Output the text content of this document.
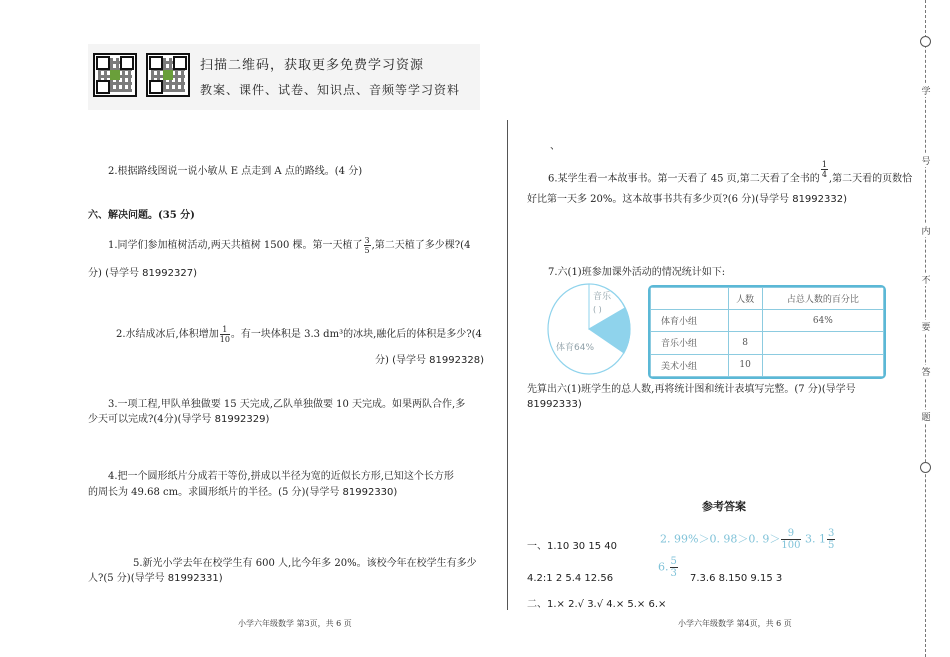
扫描二维码，获取更多免费学习资源
教案、课件、试卷、知识点、音频等学习资料
2.根据路线图说一说小敏从 E 点走到 A 点的路线。(4 分)
六、解决问题。(35 分)
1.同学们参加植树活动,两天共植树 1500 棵。第一天植了 $\frac{3}{5}$ ,第二天植了多少棵?(4
分) (导学号 81992327)
2.水结成冰后,体积增加 $\frac{1}{10}$ 。有一块体积是 3.3 dm³的冰块,融化后的体积是多少?(4
分) (导学号 81992328)
3.一项工程,甲队单独做要 15 天完成,乙队单独做要 10 天完成。如果两队合作,多
少天可以完成?(4分)(导学号 81992329)
4.把一个圆形纸片分成若干等份,拼成以半径为宽的近似长方形,已知这个长方形
的周长为 49.68 cm。求圆形纸片的半径。(5 分)(导学号 81992330)
5.新光小学去年在校学生有 600 人,比今年多 20%。该校今年在校学生有多少
人?(5 分)(导学号 81992331)
小学六年级数学 第3页，共 6 页
、
6.某学生看一本故事书。第一天看了 45 页,第二天看了全书的 $\frac{1}{4}$ ,第二天看的页数恰
好比第一天多 20%。这本故事书共有多少页?(6 分)(导学号 81992332)
7.六(1)班参加课外活动的情况统计如下:
音乐
( )
体育64%
	人数	占总人数的百分比
体育小组		64%
音乐小组	8	
美术小组	10	
先算出六(1)班学生的总人数,再将统计图和统计表填写完整。(7 分)(导学号
81992333)
参考答案
一、1.10 30 15 40
2. 99%＞0. 98＞0. $9> \frac{9}{100} 3$. $1 \frac{3}{5}$
4.2:1 2 5.4 12.56
6. $\frac{5}{3} 7.3.6$ 8.150 9.15 3
二、1.× 2.√ 3.√ 4.× 5.× 6.×
小学六年级数学 第4页，共 6 页
学
号
内
不
要
答
题
